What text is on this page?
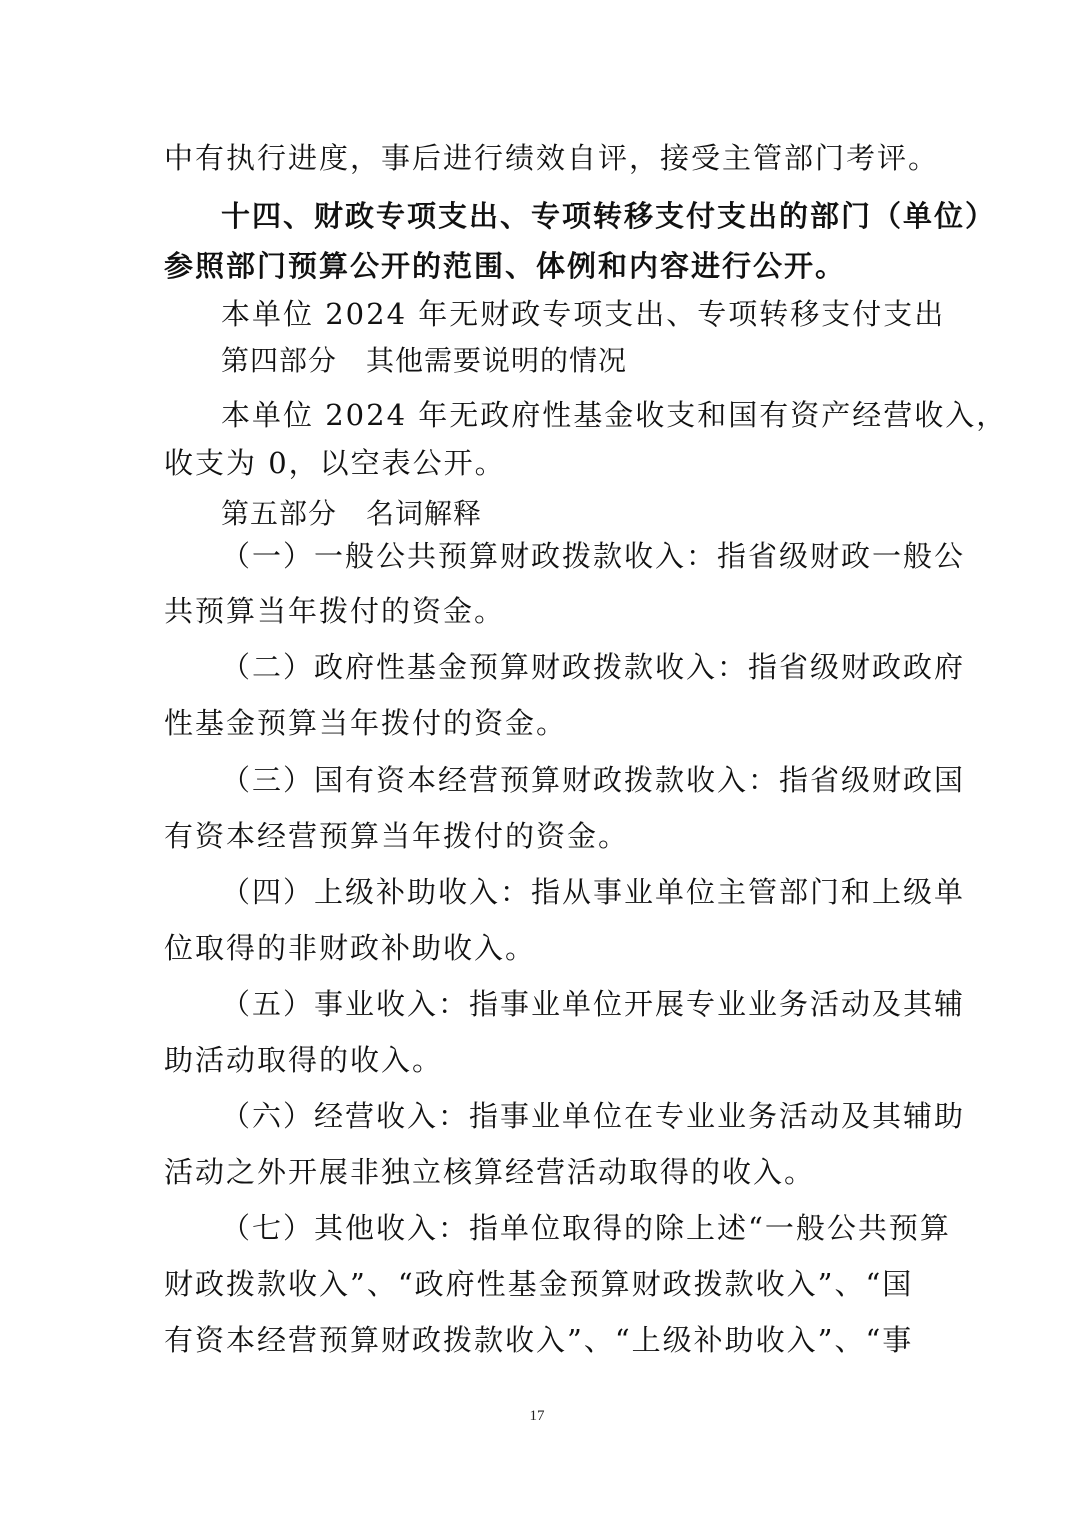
中有执行进度，事后进行绩效自评，接受主管部门考评。
十四、财政专项支出、专项转移支付支出的部门（单位）
参照部门预算公开的范围、体例和内容进行公开。
本单位 2024 年无财政专项支出、专项转移支付支出
第四部分　其他需要说明的情况
本单位 2024 年无政府性基金收支和国有资产经营收入，
收支为 0，以空表公开。
第五部分　名词解释
（一）一般公共预算财政拨款收入：指省级财政一般公
共预算当年拨付的资金。
（二）政府性基金预算财政拨款收入：指省级财政政府
性基金预算当年拨付的资金。
（三）国有资本经营预算财政拨款收入：指省级财政国
有资本经营预算当年拨付的资金。
（四）上级补助收入：指从事业单位主管部门和上级单
位取得的非财政补助收入。
（五）事业收入：指事业单位开展专业业务活动及其辅
助活动取得的收入。
（六）经营收入：指事业单位在专业业务活动及其辅助
活动之外开展非独立核算经营活动取得的收入。
（七）其他收入：指单位取得的除上述“一般公共预算
财政拨款收入”、“政府性基金预算财政拨款收入”、“国
有资本经营预算财政拨款收入”、“上级补助收入”、“事
17
